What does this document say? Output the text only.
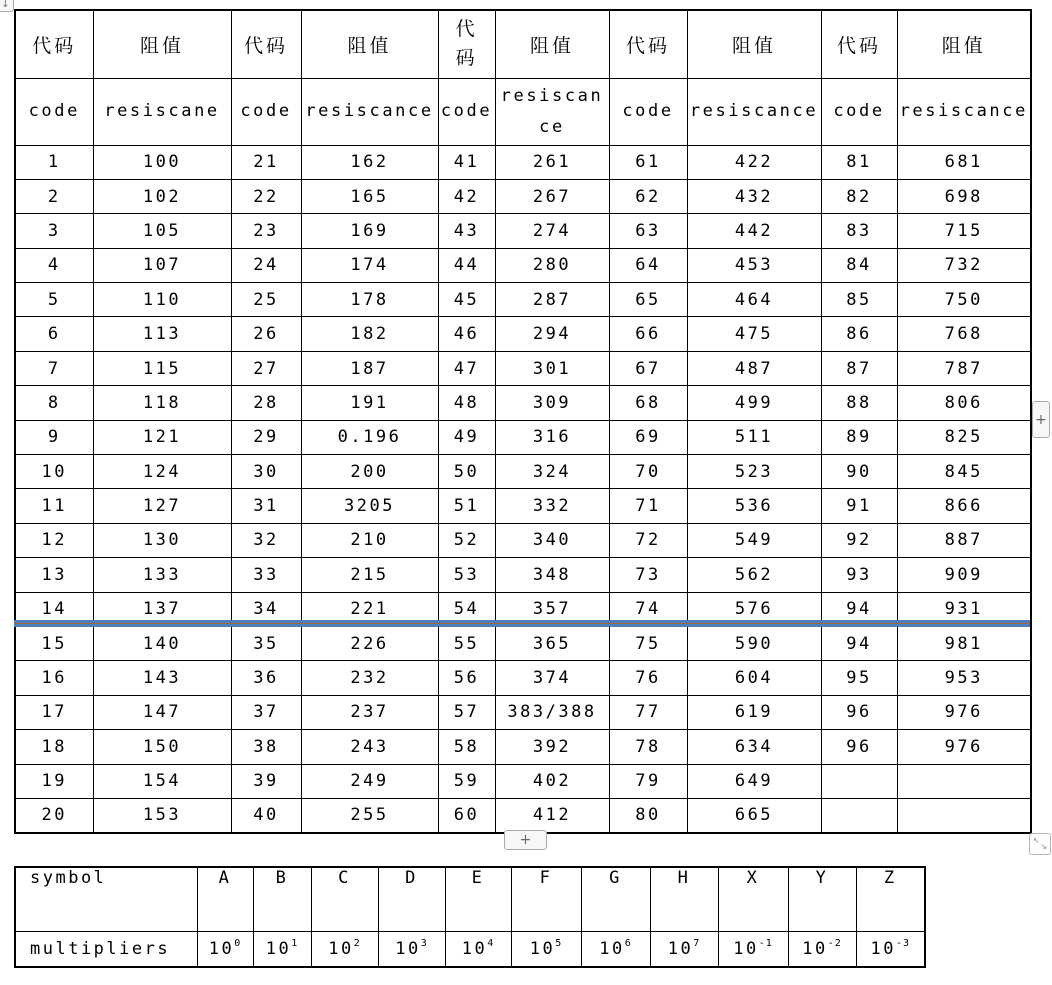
↓
代码	阻值	代码	阻值	代码	阻值	代码	阻值	代码	阻值
code	resiscane	code	resiscance	code	resiscance	code	resiscance	code	resiscance
1	100	21	162	41	261	61	422	81	681
2	102	22	165	42	267	62	432	82	698
3	105	23	169	43	274	63	442	83	715
4	107	24	174	44	280	64	453	84	732
5	110	25	178	45	287	65	464	85	750
6	113	26	182	46	294	66	475	86	768
7	115	27	187	47	301	67	487	87	787
8	118	28	191	48	309	68	499	88	806
9	121	29	0.196	49	316	69	511	89	825
10	124	30	200	50	324	70	523	90	845
11	127	31	3205	51	332	71	536	91	866
12	130	32	210	52	340	72	549	92	887
13	133	33	215	53	348	73	562	93	909
14	137	34	221	54	357	74	576	94	931
15	140	35	226	55	365	75	590	94	981
16	143	36	232	56	374	76	604	95	953
17	147	37	237	57	383/388	77	619	96	976
18	150	38	243	58	392	78	634	96	976
19	154	39	249	59	402	79	649		
20	153	40	255	60	412	80	665		
+
+	↖
↘
symbol	A	B	C	D	E	F	G	H	X	Y	Z
multipliers	$10^0$	$10^1$	$10^2$	$10^3$	$10^4$	$10^5$	$10^6$	$10^7$	$10^{-1}$	$10^{-2}$	$10^{-3}$
